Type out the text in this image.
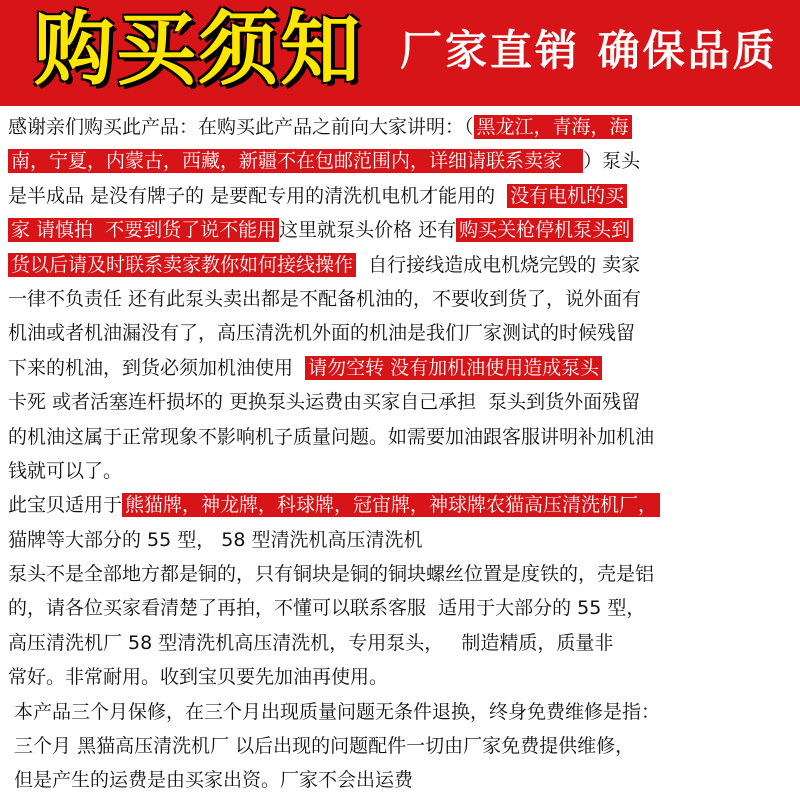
购买须知 厂家直销 确保品质
感谢亲们购买此产品：在购买此产品之前向大家讲明：（ 黑龙江，青海，海
南，宁夏，内蒙古，西藏，新疆不在包邮范围内，详细请联系卖家   ）泵头
是半成品 是没有牌子的 是要配专用的清洗机电机才能用的  没有电机的买
家 请慎拍  不要到货了说不能用 这里就泵头价格 还有 购买关枪停机泵头到
货以后请及时联系卖家教你如何接线操作  自行接线造成电机烧完毁的 卖家
一律不负责任 还有此泵头卖出都是不配备机油的，不要收到货了，说外面有
机油或者机油漏没有了，高压清洗机外面的机油是我们厂家测试的时候残留
下来的机油，到货必须加机油使用  请勿空转 没有加机油使用造成泵头
卡死 或者活塞连杆损坏的 更换泵头运费由买家自己承担  泵头到货外面残留
的机油这属于正常现象不影响机子质量问题。如需要加油跟客服讲明补加机油
钱就可以了。
此宝贝适用于 熊猫牌，神龙牌，科球牌，冠宙牌，神球牌农猫高压清洗机厂，
猫牌等大部分的 55 型， 58 型清洗机高压清洗机
泵头不是全部地方都是铜的，只有铜块是铜的铜块螺丝位置是度铁的，壳是铝
的，请各位买家看清楚了再拍，不懂可以联系客服  适用于大部分的 55 型，
高压清洗机厂 58 型清洗机高压清洗机，专用泵头，   制造精质，质量非
常好。非常耐用。收到宝贝要先加油再使用。
本产品三个月保修，在三个月出现质量问题无条件退换，终身免费维修是指：
三个月 黑猫高压清洗机厂 以后出现的问题配件一切由厂家免费提供维修，
但是产生的运费是由买家出资。厂家不会出运费
